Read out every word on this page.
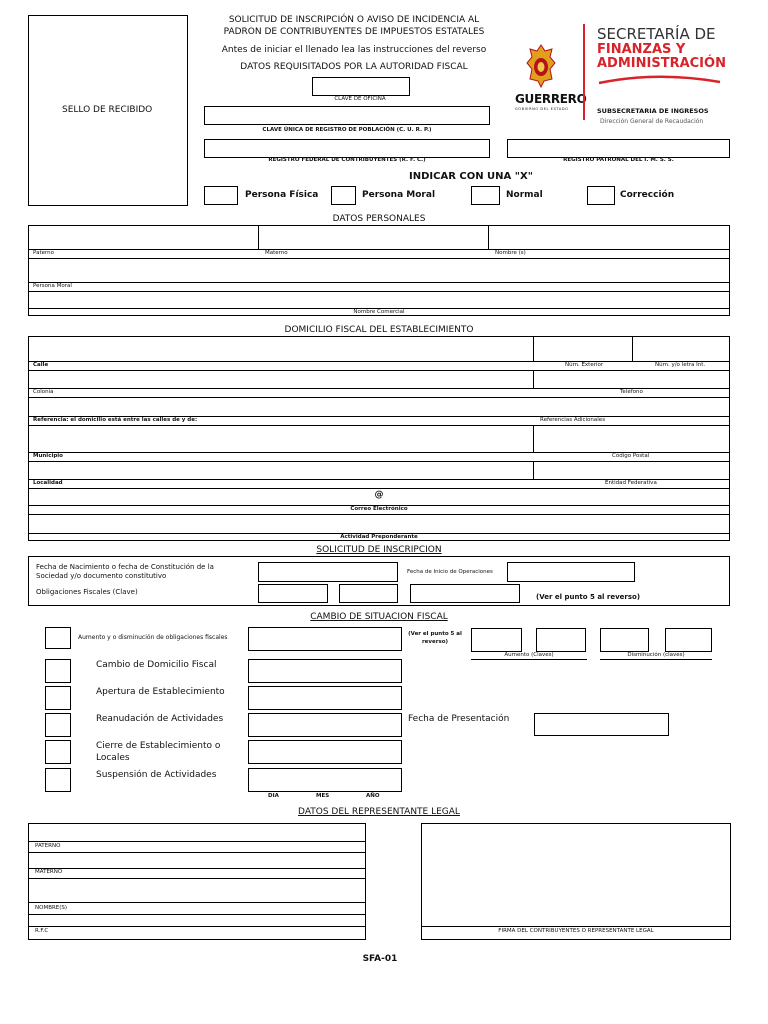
SELLO DE RECIBIDO
SOLICITUD DE INSCRIPCIÓN O AVISO DE INCIDENCIA AL
PADRON DE CONTRIBUYENTES DE IMPUESTOS ESTATALES
Antes de iniciar el llenado lea las instrucciones del reverso
DATOS REQUISITADOS POR LA AUTORIDAD FISCAL
CLAVE DE OFICINA
CLAVE ÚNICA DE REGISTRO DE POBLACIÓN (C. U. R. P.)
REGISTRO FEDERAL DE CONTRIBUYENTES (R. F. C.)	REGISTRO PATRONAL DEL I. M. S. S.
GUERRERO
GOBIERNO DEL ESTADO
SECRETARÍA DE
FINANZAS Y
ADMINISTRACIÓN
SUBSECRETARIA DE INGRESOS
Dirección General de Recaudación
INDICAR CON UNA "X"
Persona Física	Persona Moral	Normal	Corrección
DATOS PERSONALES
Paterno	Materno	Nombre (s)
Persona Moral
Nombre Comercial
DOMICILIO FISCAL DEL ESTABLECIMIENTO
Calle	Núm. Exterior	Núm. y/o letra Int.
Colonia	Teléfono
Referencia: el domicilio está entre las calles de y de:	Referencias Adicionales
Municipio	Código Postal
Localidad	Entidad Federativa
@
Correo Electrónico
Actividad Preponderante
SOLICITUD DE INSCRIPCION
Fecha de Nacimiento o fecha de Constitución de la
Sociedad y/o documento constitutivo	Fecha de Inicio de Operaciones
Obligaciones Fiscales (Clave)
(Ver el punto 5 al reverso)
CAMBIO DE SITUACION FISCAL
Aumento y o disminución de obligaciones fiscales	(Ver el punto 5 al
reverso)
Aumento (Claves)	Disminución (claves)
Cambio de Domicilio Fiscal
Apertura de Establecimiento
Reanudación de Actividades	Fecha de Presentación
Cierre de Establecimiento o
Locales
Suspensión de Actividades
DIA	MES	AÑO
DATOS DEL REPRESENTANTE LEGAL
PATERNO
MATERNO
NOMBRE(S)
R.F.C	FIRMA DEL CONTRIBUYENTES O REPRESENTANTE LEGAL
SFA-01
